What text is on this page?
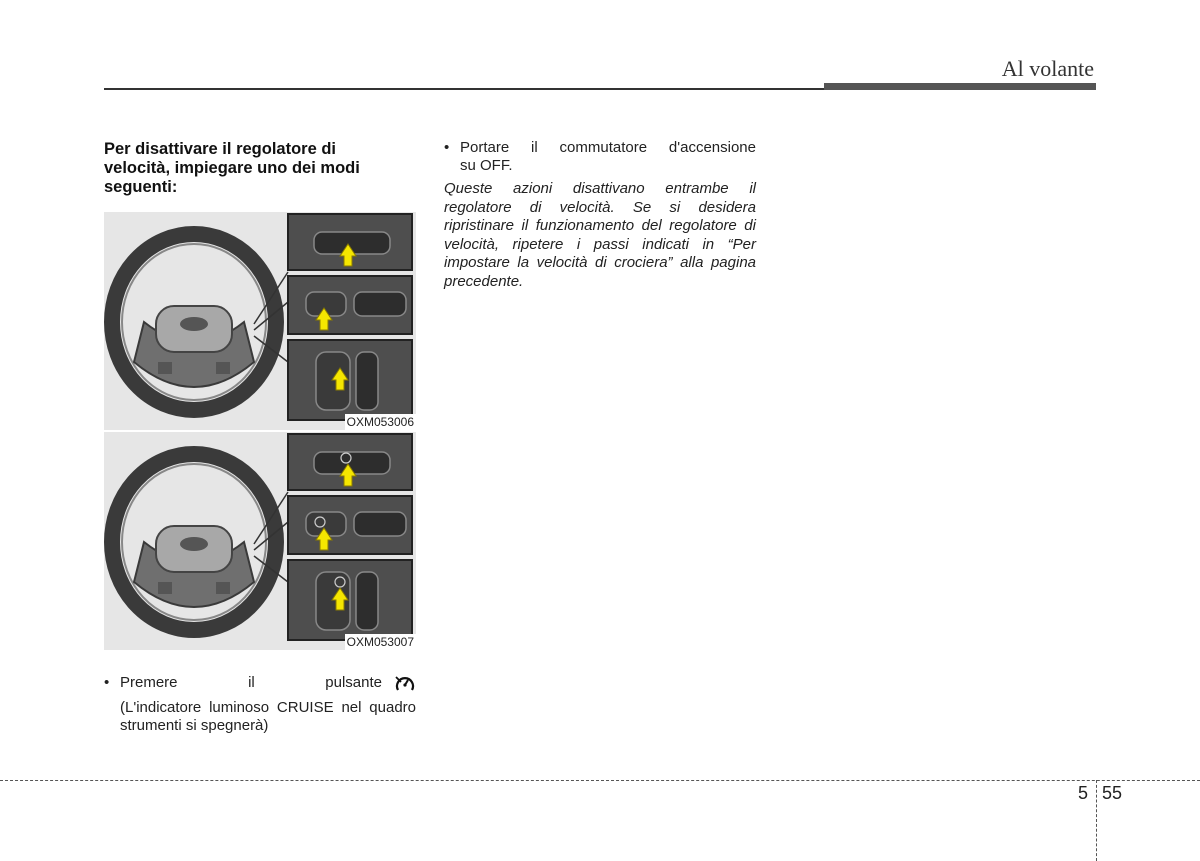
Al volante
Per disattivare il regolatore di velocità, impiegare uno dei modi seguenti:
OXM053006
OXM053007
• Premere il pulsante
(L'indicatore luminoso CRUISE nel quadro strumenti si spegnerà)
• Portare il commutatore d'accensione
su OFF.
Queste azioni disattivano entrambe il regolatore di velocità. Se si desidera ripristinare il funzionamento del regolatore di velocità, ripetere i passi indicati in “Per impostare la velocità di crociera” alla pagina precedente.
5 55
